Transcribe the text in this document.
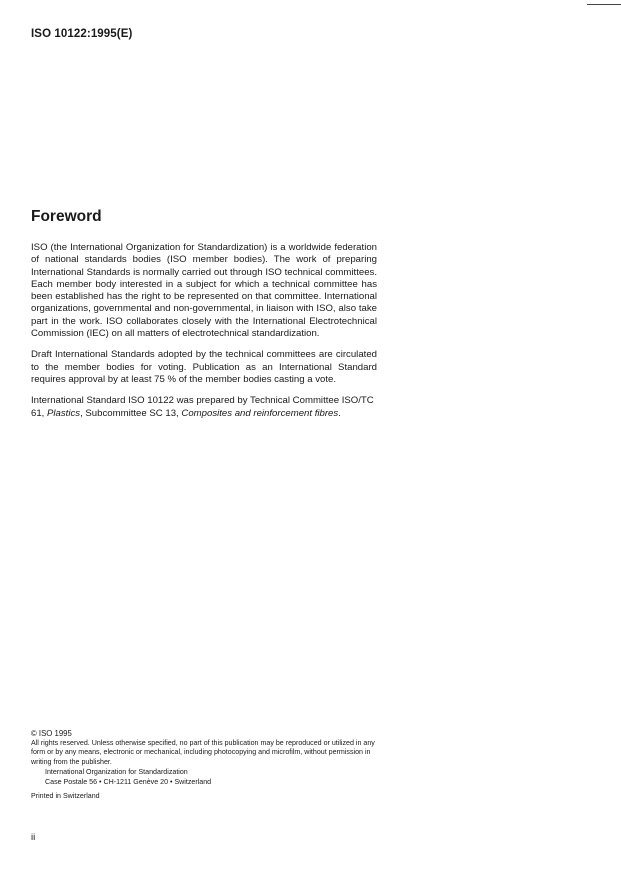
ISO 10122:1995(E)
Foreword

ISO (the International Organization for Standardization) is a worldwide federation of national standards bodies (ISO member bodies). The work of preparing International Standards is normally carried out through ISO technical committees. Each member body interested in a subject for which a technical committee has been established has the right to be represented on that committee. International organizations, governmental and non-governmental, in liaison with ISO, also take part in the work. ISO collaborates closely with the International Electrotechnical Commission (IEC) on all matters of electrotechnical standardization.

Draft International Standards adopted by the technical committees are circulated to the member bodies for voting. Publication as an International Standard requires approval by at least 75 % of the member bodies casting a vote.

International Standard ISO 10122 was prepared by Technical Committee ISO/TC 61, Plastics, Subcommittee SC 13, Composites and reinforcement fibres.

© ISO 1995
All rights reserved. Unless otherwise specified, no part of this publication may be reproduced or utilized in any form or by any means, electronic or mechanical, including photocopying and microfilm, without permission in writing from the publisher.
International Organization for Standardization
Case Postale 56 • CH-1211 Genève 20 • Switzerland
Printed in Switzerland
ii
